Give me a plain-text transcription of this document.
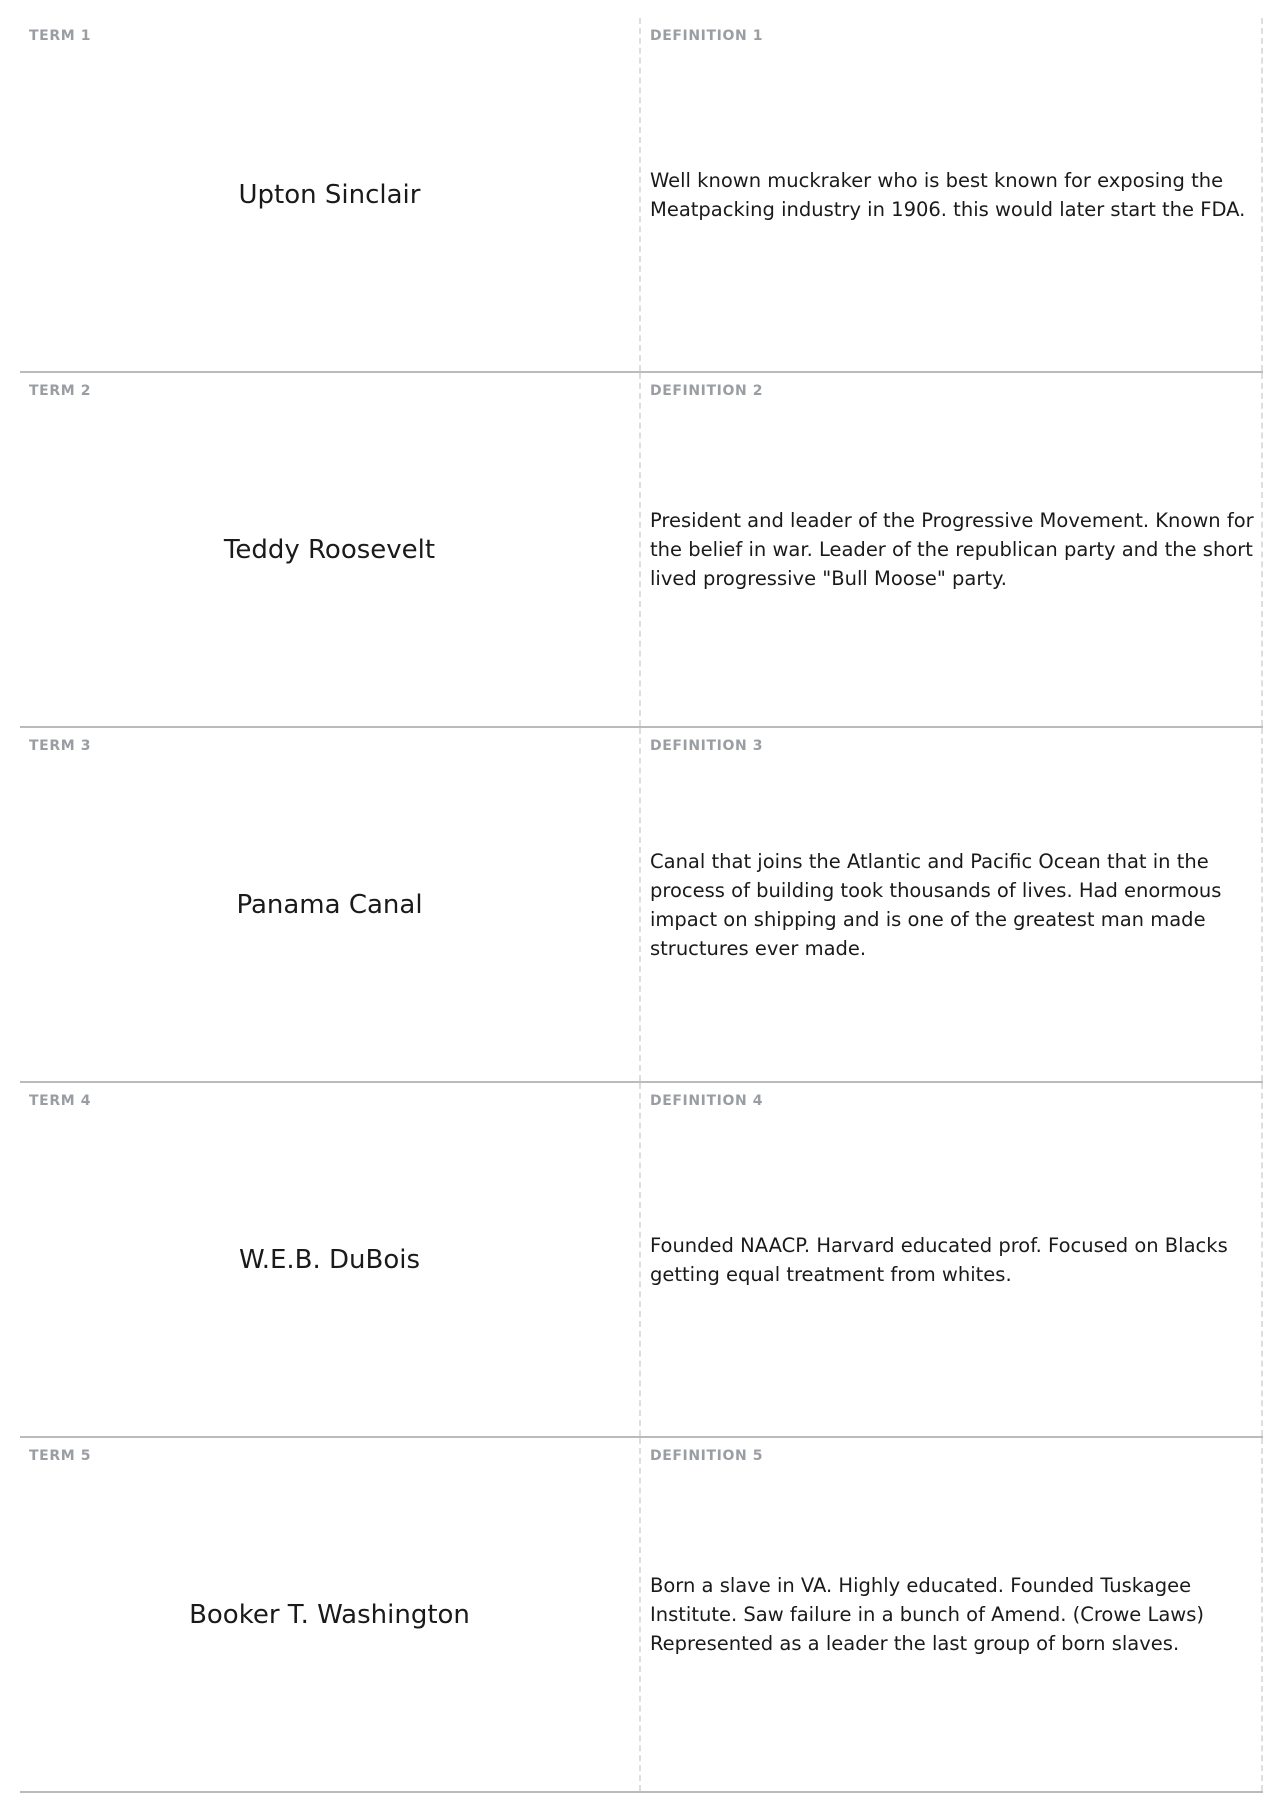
TERM 1
Upton Sinclair
DEFINITION 1
Well known muckraker who is best known for exposing the Meatpacking industry in 1906. this would later start the FDA.
TERM 2
Teddy Roosevelt
DEFINITION 2
President and leader of the Progressive Movement. Known for the belief in war. Leader of the republican party and the short lived progressive "Bull Moose" party.
TERM 3
Panama Canal
DEFINITION 3
Canal that joins the Atlantic and Pacific Ocean that in the process of building took thousands of lives. Had enormous impact on shipping and is one of the greatest man made structures ever made.
TERM 4
W.E.B. DuBois
DEFINITION 4
Founded NAACP. Harvard educated prof. Focused on Blacks getting equal treatment from whites.
TERM 5
Booker T. Washington
DEFINITION 5
Born a slave in VA. Highly educated. Founded Tuskagee Institute. Saw failure in a bunch of Amend. (Crowe Laws) Represented as a leader the last group of born slaves.
